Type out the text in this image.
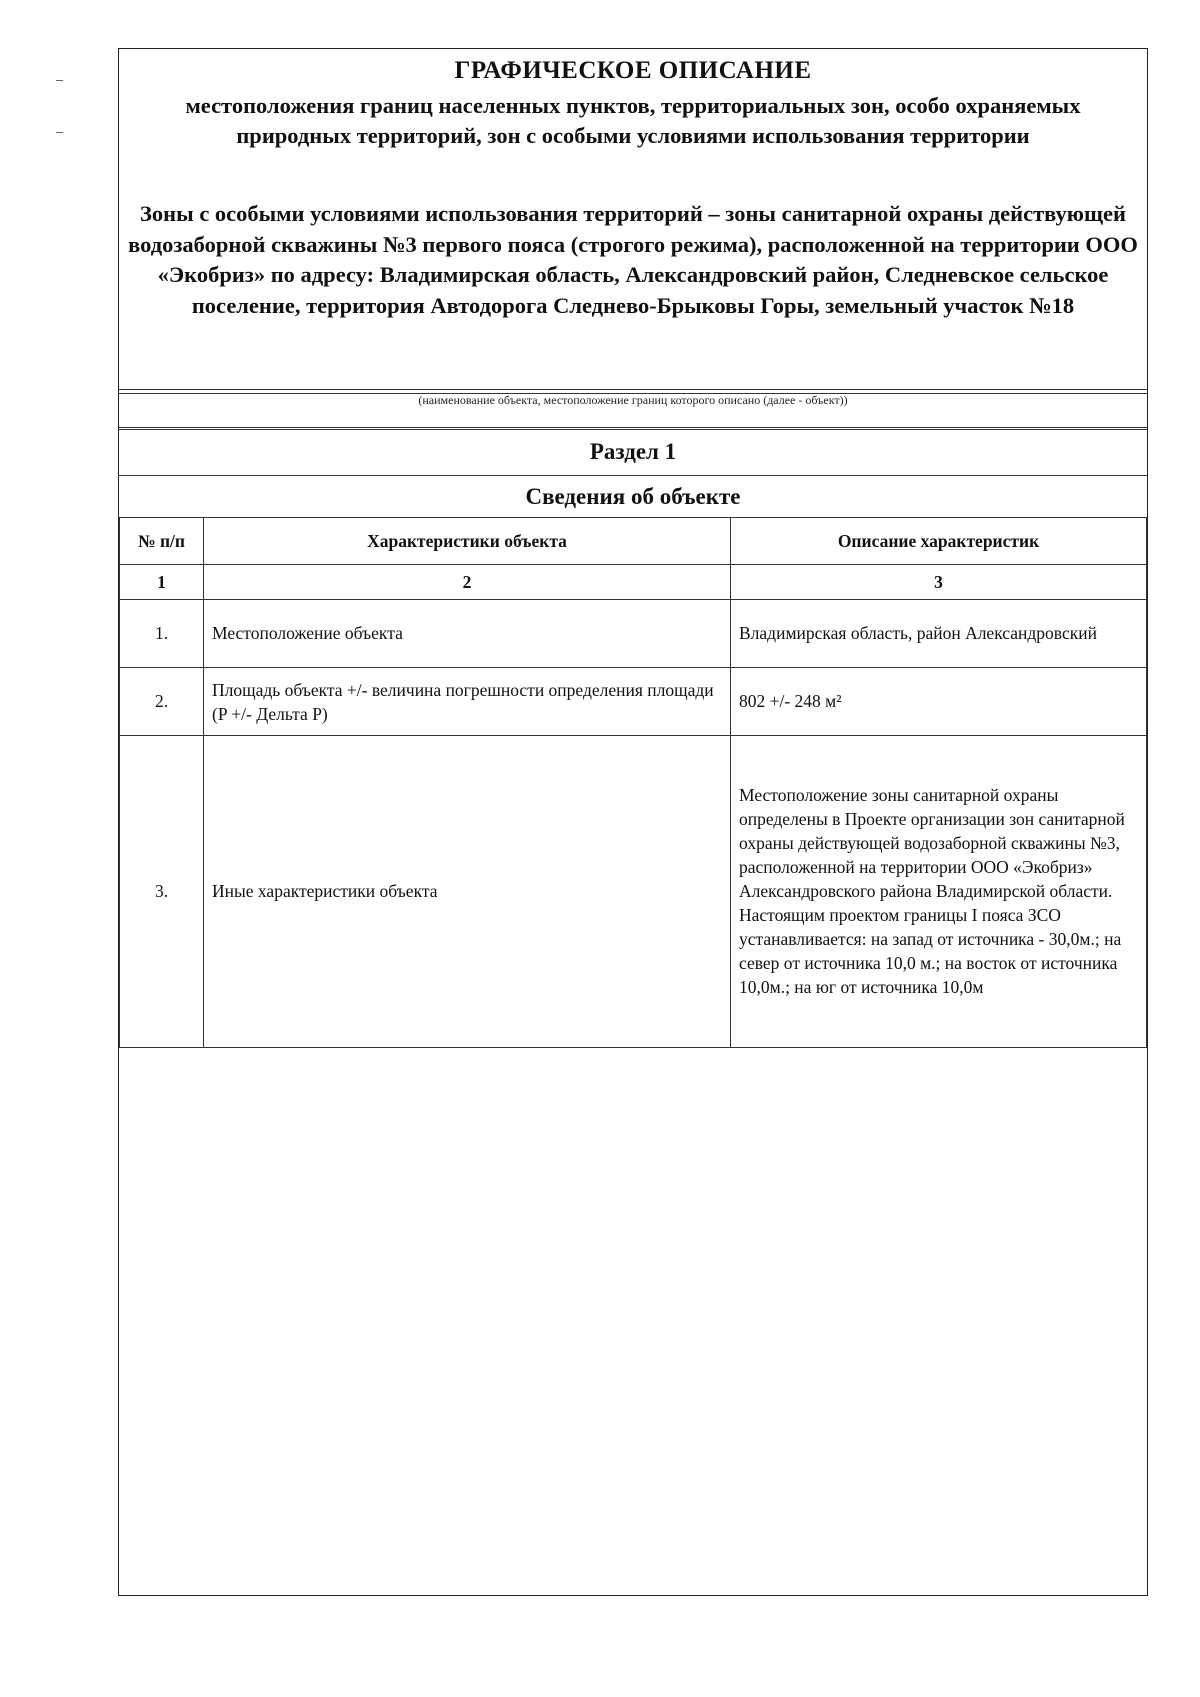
ГРАФИЧЕСКОЕ ОПИСАНИЕ
местоположения границ населенных пунктов, территориальных зон, особо охраняемых природных территорий, зон с особыми условиями использования территории
Зоны с особыми условиями использования территорий – зоны санитарной охраны действующей водозаборной скважины №3 первого пояса (строгого режима), расположенной на территории ООО «Экобриз» по адресу: Владимирская область, Александровский район, Следневское сельское поселение, территория Автодорога Следнево-Брыковы Горы, земельный участок №18
(наименование объекта, местоположение границ которого описано (далее - объект))
Раздел 1
Сведения об объекте
№ п/п	Характеристики объекта	Описание характеристик
1	2	3
1.	Местоположение объекта	Владимирская область, район Александровский
2.	Площадь объекта +/- величина погрешности определения площади (P +/- Дельта P)	802 +/- 248 м²
3.	Иные характеристики объекта	Местоположение зоны санитарной охраны определены в Проекте организации зон санитарной охраны действующей водозаборной скважины №3, расположенной на территории ООО «Экобриз» Александровского района Владимирской области. Настоящим проектом границы I пояса ЗСО устанавливается: на запад от источника - 30,0м.; на север от источника 10,0 м.; на восток от источника 10,0м.; на юг от источника 10,0м
